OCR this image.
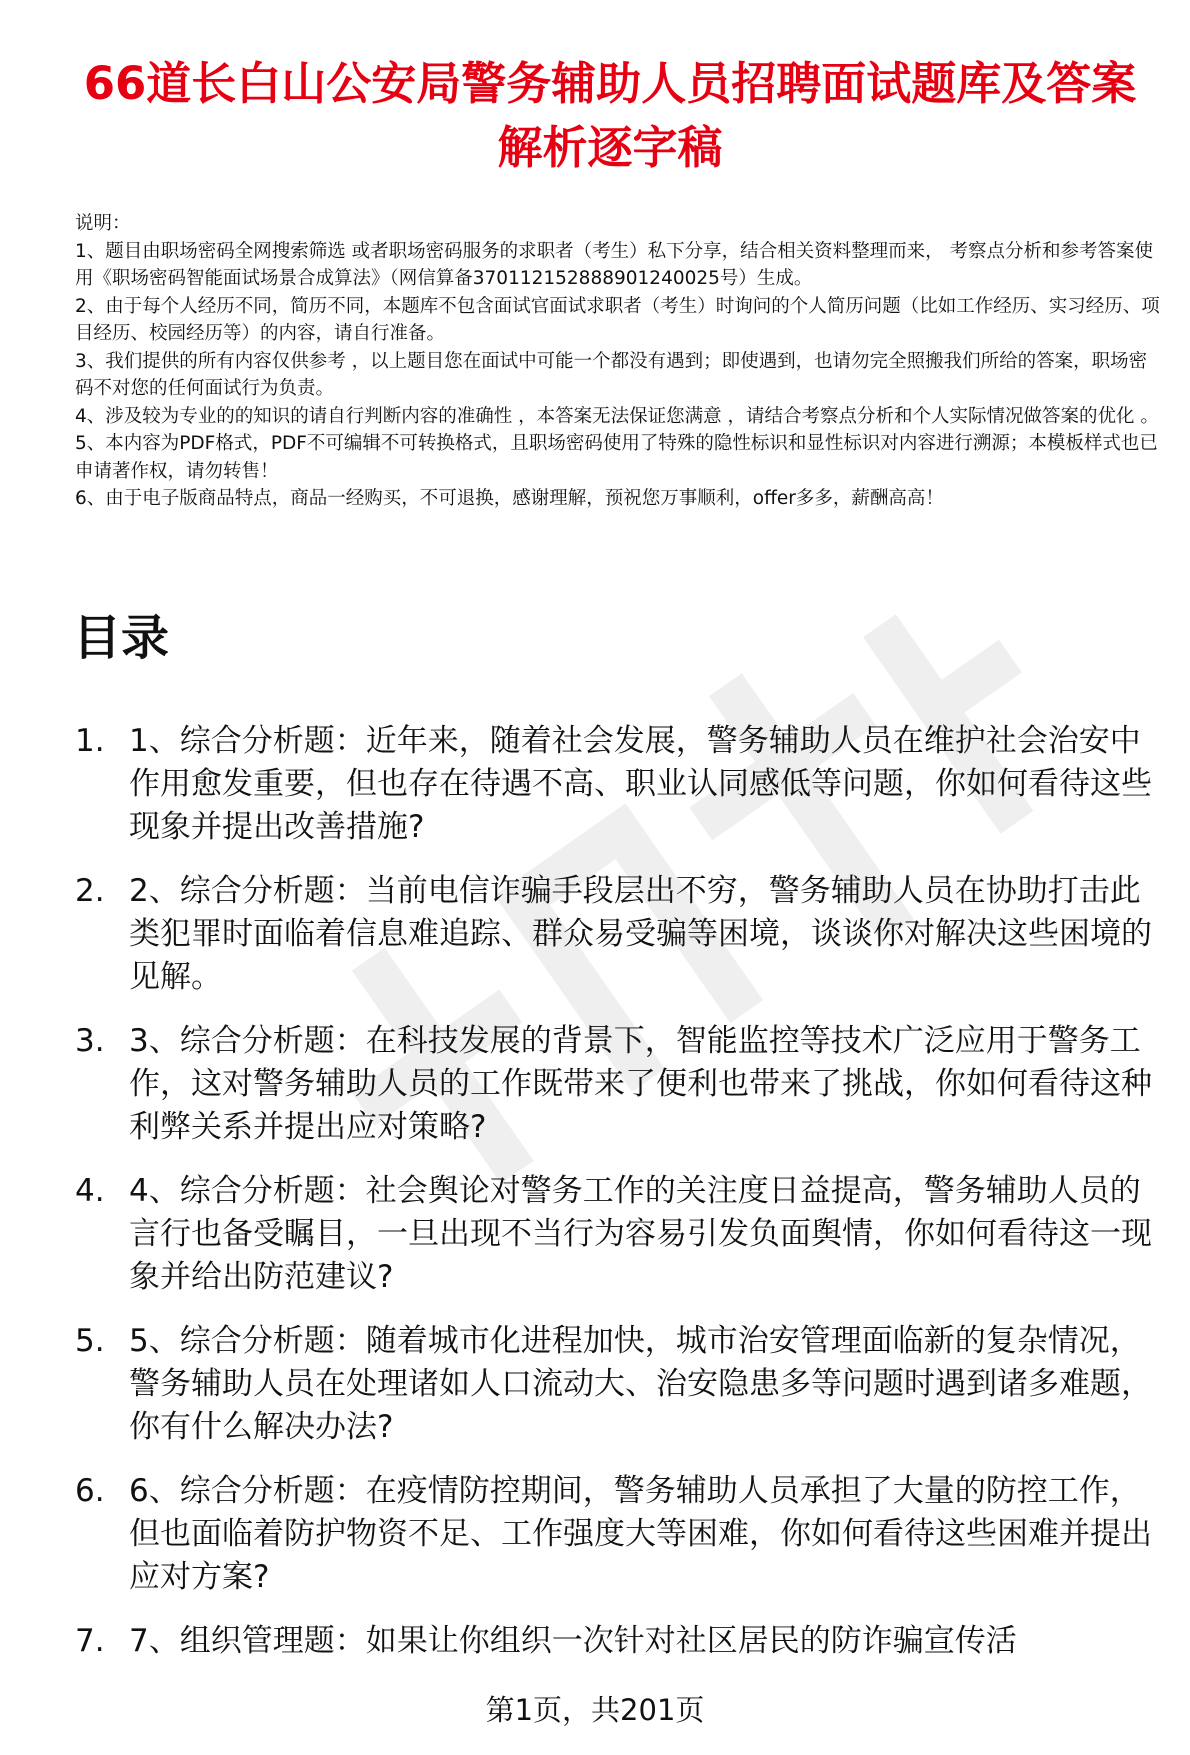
66道长白山公安局警务辅助人员招聘面试题库及答案解析逐字稿

说明：

1、题目由职场密码全网搜索筛选 或者职场密码服务的求职者（考生）私下分享，结合相关资料整理而来， 考察点分析和参考答案使用《职场密码智能面试场景合成算法》（网信算备370112152888901240025号）生成。

2、由于每个人经历不同，简历不同，本题库不包含面试官面试求职者（考生）时询问的个人简历问题（比如工作经历、实习经历、项目经历、校园经历等）的内容，请自行准备。

3、我们提供的所有内容仅供参考 ，以上题目您在面试中可能一个都没有遇到；即使遇到，也请勿完全照搬我们所给的答案，职场密码不对您的任何面试行为负责。

4、涉及较为专业的的知识的请自行判断内容的准确性 ，本答案无法保证您满意 ，请结合考察点分析和个人实际情况做答案的优化 。

5、本内容为PDF格式，PDF不可编辑不可转换格式，且职场密码使用了特殊的隐性标识和显性标识对内容进行溯源；本模板样式也已申请著作权，请勿转售！

6、由于电子版商品特点，商品一经购买，不可退换，感谢理解，预祝您万事顺利，offer多多，薪酬高高！

目录
1. 1、综合分析题：近年来，随着社会发展，警务辅助人员在维护社会治安中作用愈发重要，但也存在待遇不高、职业认同感低等问题，你如何看待这些现象并提出改善措施?
2. 2、综合分析题：当前电信诈骗手段层出不穷，警务辅助人员在协助打击此类犯罪时面临着信息难追踪、群众易受骗等困境，谈谈你对解决这些困境的见解。
3. 3、综合分析题：在科技发展的背景下，智能监控等技术广泛应用于警务工作，这对警务辅助人员的工作既带来了便利也带来了挑战，你如何看待这种利弊关系并提出应对策略?
4. 4、综合分析题：社会舆论对警务工作的关注度日益提高，警务辅助人员的言行也备受瞩目，一旦出现不当行为容易引发负面舆情，你如何看待这一现象并给出防范建议?
5. 5、综合分析题：随着城市化进程加快，城市治安管理面临新的复杂情况，警务辅助人员在处理诸如人口流动大、治安隐患多等问题时遇到诸多难题，你有什么解决办法?
6. 6、综合分析题：在疫情防控期间，警务辅助人员承担了大量的防控工作，但也面临着防护物资不足、工作强度大等困难，你如何看待这些困难并提出应对方案?
7. 7、组织管理题：如果让你组织一次针对社区居民的防诈骗宣传活
第1页，共201页
